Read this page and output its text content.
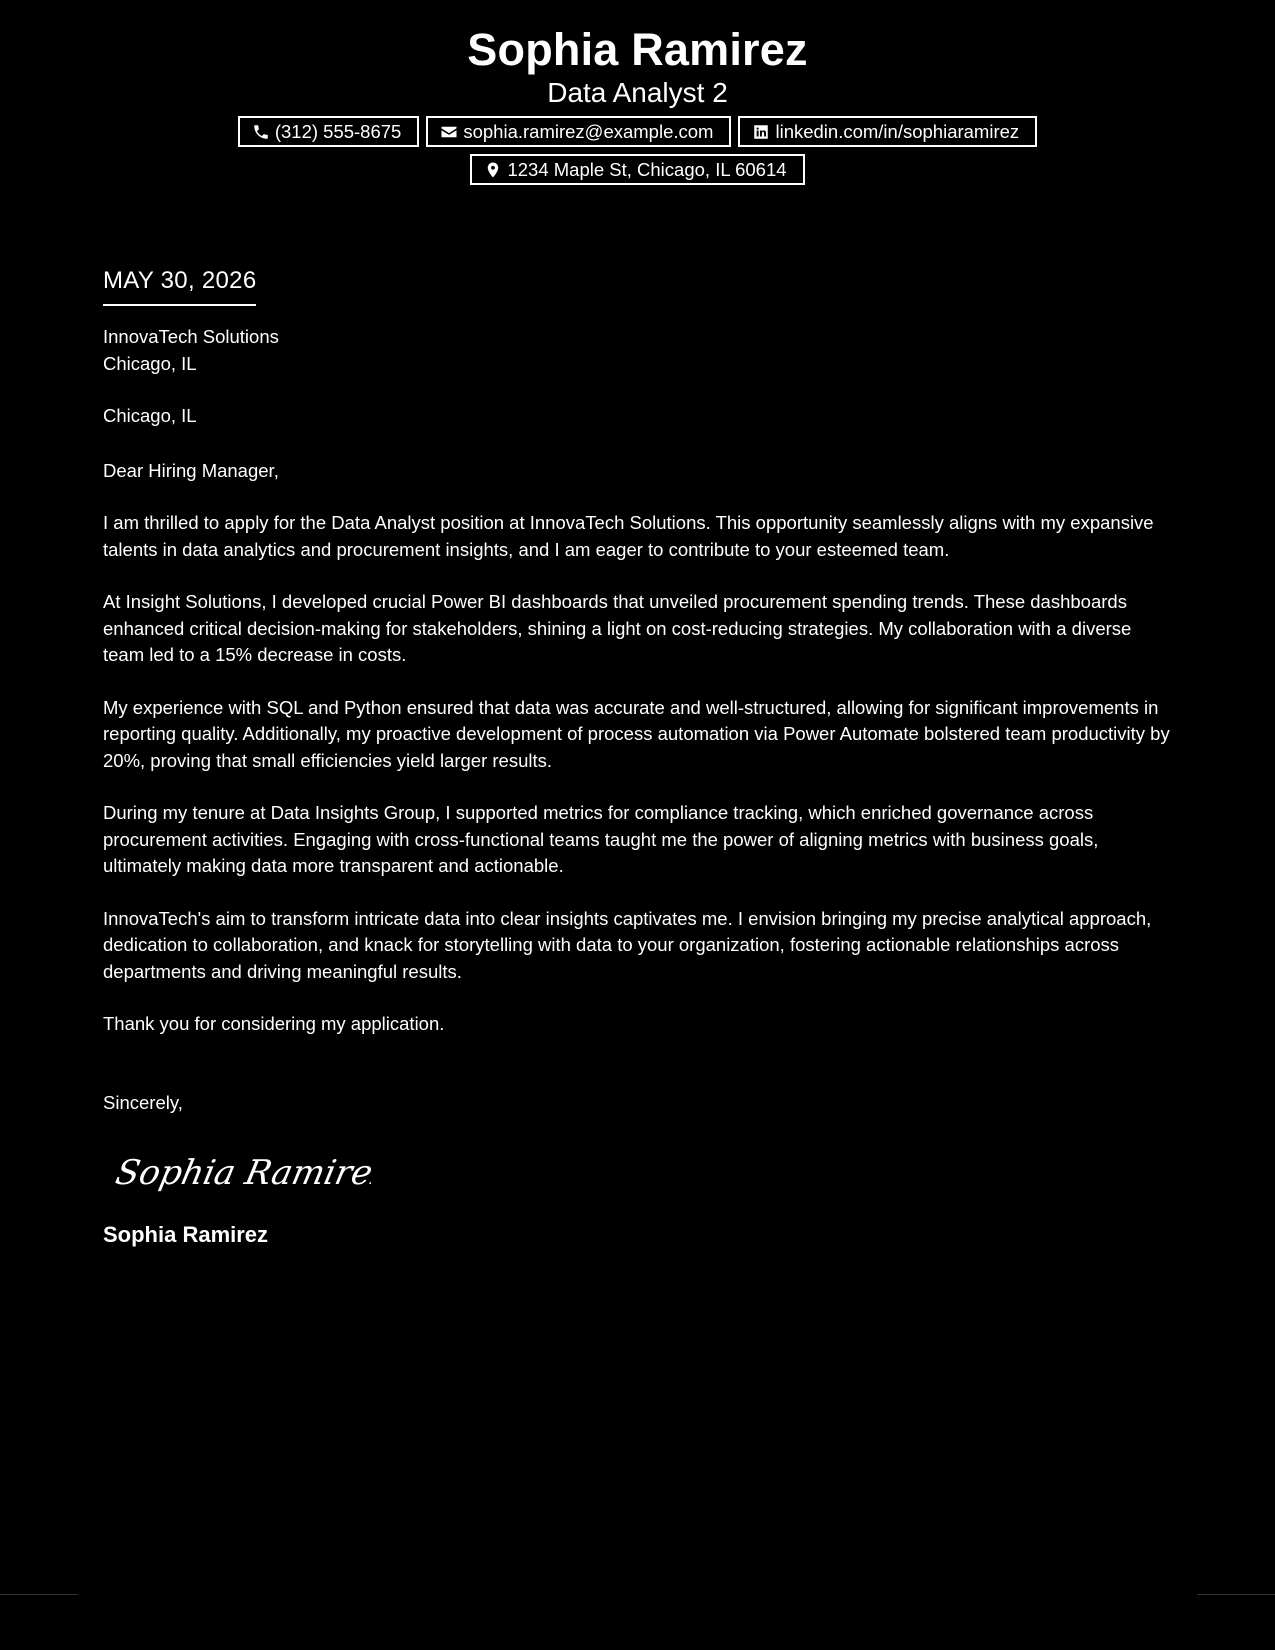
Sophia Ramirez
Data Analyst 2
(312) 555-8675	sophia.ramirez@example.com	linkedin.com/in/sophiaramirez
1234 Maple St, Chicago, IL 60614
MAY 30, 2026
InnovaTech Solutions
Chicago, IL
Chicago, IL
Dear Hiring Manager,
I am thrilled to apply for the Data Analyst position at InnovaTech Solutions. This opportunity seamlessly aligns with my expansive talents in data analytics and procurement insights, and I am eager to contribute to your esteemed team.
At Insight Solutions, I developed crucial Power BI dashboards that unveiled procurement spending trends. These dashboards enhanced critical decision-making for stakeholders, shining a light on cost-reducing strategies. My collaboration with a diverse team led to a 15% decrease in costs.
My experience with SQL and Python ensured that data was accurate and well-structured, allowing for significant improvements in reporting quality. Additionally, my proactive development of process automation via Power Automate bolstered team productivity by 20%, proving that small efficiencies yield larger results.
During my tenure at Data Insights Group, I supported metrics for compliance tracking, which enriched governance across procurement activities. Engaging with cross-functional teams taught me the power of aligning metrics with business goals, ultimately making data more transparent and actionable.
InnovaTech's aim to transform intricate data into clear insights captivates me. I envision bringing my precise analytical approach, dedication to collaboration, and knack for storytelling with data to your organization, fostering actionable relationships across departments and driving meaningful results.
Thank you for considering my application.
Sincerely,
Sophia Ramirez
Sophia Ramirez
